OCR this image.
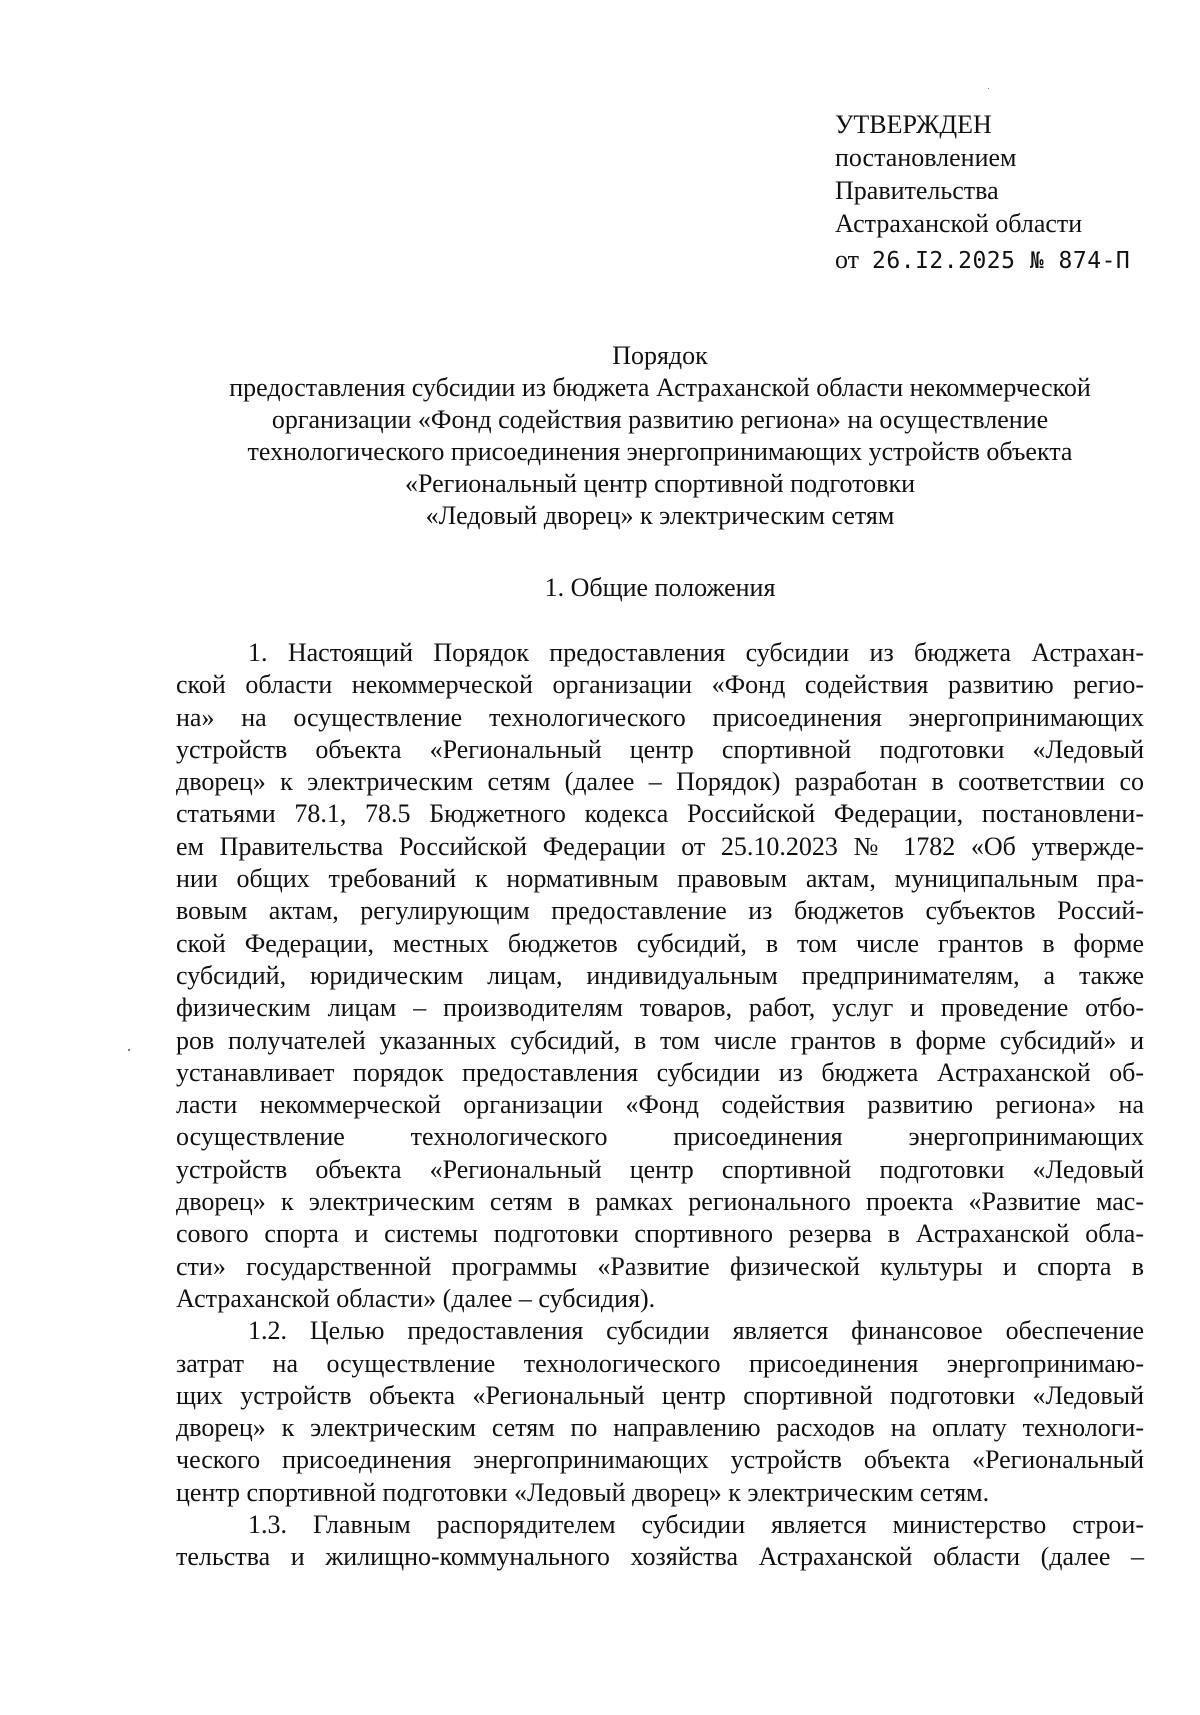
УТВЕРЖДЕН
постановлением
Правительства
Астраханской области
от 26.I2.2025 № 874-П
Порядок
предоставления субсидии из бюджета Астраханской области некоммерческой
организации «Фонд содействия развитию региона» на осуществление
технологического присоединения энергопринимающих устройств объекта
«Региональный центр спортивной подготовки
«Ледовый дворец» к электрическим сетям
1. Общие положения
1. Настоящий Порядок предоставления субсидии из бюджета Астрахан-
ской области некоммерческой организации «Фонд содействия развитию регио-
на» на осуществление технологического присоединения энергопринимающих
устройств объекта «Региональный центр спортивной подготовки «Ледовый
дворец» к электрическим сетям (далее – Порядок) разработан в соответствии со
статьями 78.1, 78.5 Бюджетного кодекса Российской Федерации, постановлени-
ем Правительства Российской Федерации от 25.10.2023 № 1782 «Об утвержде-
нии общих требований к нормативным правовым актам, муниципальным пра-
вовым актам, регулирующим предоставление из бюджетов субъектов Россий-
ской Федерации, местных бюджетов субсидий, в том числе грантов в форме
субсидий, юридическим лицам, индивидуальным предпринимателям, а также
физическим лицам – производителям товаров, работ, услуг и проведение отбо-
ров получателей указанных субсидий, в том числе грантов в форме субсидий» и
устанавливает порядок предоставления субсидии из бюджета Астраханской об-
ласти некоммерческой организации «Фонд содействия развитию региона» на
осуществление технологического присоединения энергопринимающих
устройств объекта «Региональный центр спортивной подготовки «Ледовый
дворец» к электрическим сетям в рамках регионального проекта «Развитие мас-
сового спорта и системы подготовки спортивного резерва в Астраханской обла-
сти» государственной программы «Развитие физической культуры и спорта в
Астраханской области» (далее – субсидия).
1.2. Целью предоставления субсидии является финансовое обеспечение
затрат на осуществление технологического присоединения энергопринимаю-
щих устройств объекта «Региональный центр спортивной подготовки «Ледовый
дворец» к электрическим сетям по направлению расходов на оплату технологи-
ческого присоединения энергопринимающих устройств объекта «Региональный
центр спортивной подготовки «Ледовый дворец» к электрическим сетям.
1.3. Главным распорядителем субсидии является министерство строи-
тельства и жилищно-коммунального хозяйства Астраханской области (далее –
